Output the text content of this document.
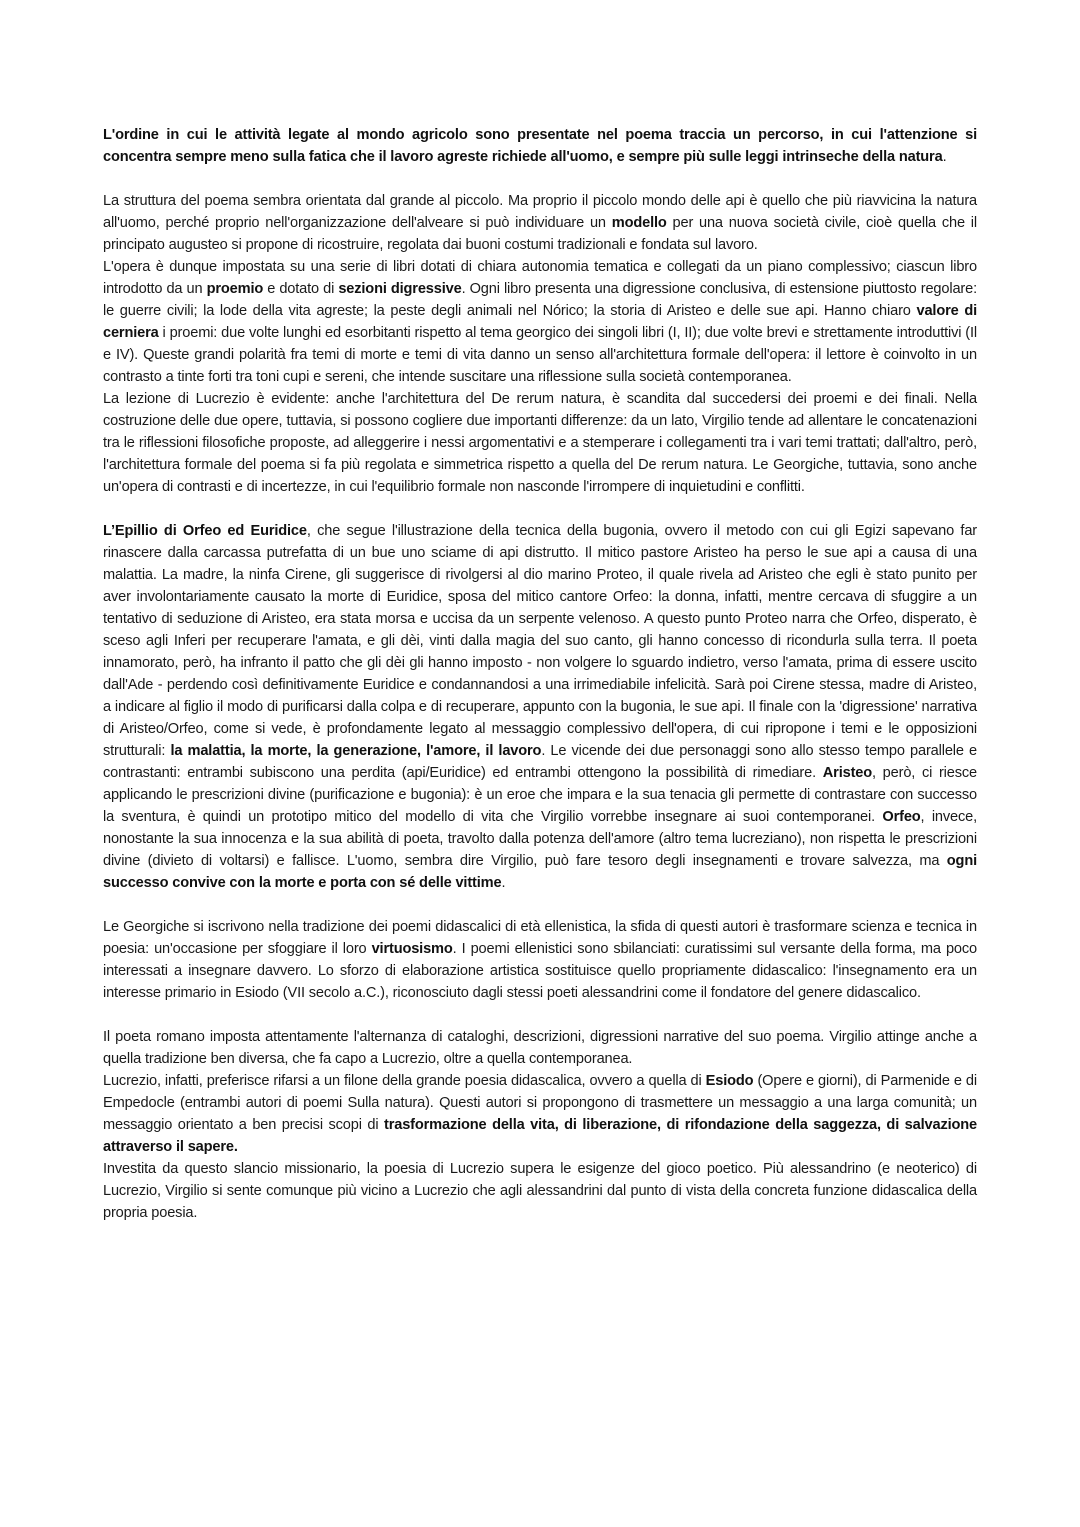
L'ordine in cui le attività legate al mondo agricolo sono presentate nel poema traccia un percorso, in cui l'attenzione si concentra sempre meno sulla fatica che il lavoro agreste richiede all'uomo, e sempre più sulle leggi intrinseche della natura.

La struttura del poema sembra orientata dal grande al piccolo. Ma proprio il piccolo mondo delle api è quello che più riavvicina la natura all'uomo, perché proprio nell'organizzazione dell'alveare si può individuare un modello per una nuova società civile, cioè quella che il principato augusteo si propone di ricostruire, regolata dai buoni costumi tradizionali e fondata sul lavoro.

L'opera è dunque impostata su una serie di libri dotati di chiara autonomia tematica e collegati da un piano complessivo; ciascun libro introdotto da un proemio e dotato di sezioni digressive. Ogni libro presenta una digressione conclusiva, di estensione piuttosto regolare: le guerre civili; la lode della vita agreste; la peste degli animali nel Nórico; la storia di Aristeo e delle sue api. Hanno chiaro valore di cerniera i proemi: due volte lunghi ed esorbitanti rispetto al tema georgico dei singoli libri (I, II); due volte brevi e strettamente introduttivi (Il e IV). Queste grandi polarità fra temi di morte e temi di vita danno un senso all'architettura formale dell'opera: il lettore è coinvolto in un contrasto a tinte forti tra toni cupi e sereni, che intende suscitare una riflessione sulla società contemporanea.

La lezione di Lucrezio è evidente: anche l'architettura del De rerum natura, è scandita dal succedersi dei proemi e dei finali. Nella costruzione delle due opere, tuttavia, si possono cogliere due importanti differenze: da un lato, Virgilio tende ad allentare le concatenazioni tra le riflessioni filosofiche proposte, ad alleggerire i nessi argomentativi e a stemperare i collegamenti tra i vari temi trattati; dall'altro, però, l'architettura formale del poema si fa più regolata e simmetrica rispetto a quella del De rerum natura. Le Georgiche, tuttavia, sono anche un'opera di contrasti e di incertezze, in cui l'equilibrio formale non nasconde l'irrompere di inquietudini e conflitti.

L’Epillio di Orfeo ed Euridice, che segue l'illustrazione della tecnica della bugonia, ovvero il metodo con cui gli Egizi sapevano far rinascere dalla carcassa putrefatta di un bue uno sciame di api distrutto. Il mitico pastore Aristeo ha perso le sue api a causa di una malattia. La madre, la ninfa Cirene, gli suggerisce di rivolgersi al dio marino Proteo, il quale rivela ad Aristeo che egli è stato punito per aver involontariamente causato la morte di Euridice, sposa del mitico cantore Orfeo: la donna, infatti, mentre cercava di sfuggire a un tentativo di seduzione di Aristeo, era stata morsa e uccisa da un serpente velenoso. A questo punto Proteo narra che Orfeo, disperato, è sceso agli Inferi per recuperare l'amata, e gli dèi, vinti dalla magia del suo canto, gli hanno concesso di ricondurla sulla terra. Il poeta innamorato, però, ha infranto il patto che gli dèi gli hanno imposto - non volgere lo sguardo indietro, verso l'amata, prima di essere uscito dall'Ade - perdendo così definitivamente Euridice e condannandosi a una irrimediabile infelicità. Sarà poi Cirene stessa, madre di Aristeo, a indicare al figlio il modo di purificarsi dalla colpa e di recuperare, appunto con la bugonia, le sue api. Il finale con la 'digressione' narrativa di Aristeo/Orfeo, come si vede, è profondamente legato al messaggio complessivo dell'opera, di cui ripropone i temi e le opposizioni strutturali: la malattia, la morte, la generazione, l'amore, il lavoro. Le vicende dei due personaggi sono allo stesso tempo parallele e contrastanti: entrambi subiscono una perdita (api/Euridice) ed entrambi ottengono la possibilità di rimediare. Aristeo, però, ci riesce applicando le prescrizioni divine (purificazione e bugonia): è un eroe che impara e la sua tenacia gli permette di contrastare con successo la sventura, è quindi un prototipo mitico del modello di vita che Virgilio vorrebbe insegnare ai suoi contemporanei. Orfeo, invece, nonostante la sua innocenza e la sua abilità di poeta, travolto dalla potenza dell'amore (altro tema lucreziano), non rispetta le prescrizioni divine (divieto di voltarsi) e fallisce. L'uomo, sembra dire Virgilio, può fare tesoro degli insegnamenti e trovare salvezza, ma ogni successo convive con la morte e porta con sé delle vittime.

Le Georgiche si iscrivono nella tradizione dei poemi didascalici di età ellenistica, la sfida di questi autori è trasformare scienza e tecnica in poesia: un'occasione per sfoggiare il loro virtuosismo. I poemi ellenistici sono sbilanciati: curatissimi sul versante della forma, ma poco interessati a insegnare davvero. Lo sforzo di elaborazione artistica sostituisce quello propriamente didascalico: l'insegnamento era un interesse primario in Esiodo (VII secolo a.C.), riconosciuto dagli stessi poeti alessandrini come il fondatore del genere didascalico.

Il poeta romano imposta attentamente l'alternanza di cataloghi, descrizioni, digressioni narrative del suo poema. Virgilio attinge anche a quella tradizione ben diversa, che fa capo a Lucrezio, oltre a quella contemporanea.

Lucrezio, infatti, preferisce rifarsi a un filone della grande poesia didascalica, ovvero a quella di Esiodo (Opere e giorni), di Parmenide e di Empedocle (entrambi autori di poemi Sulla natura). Questi autori si propongono di trasmettere un messaggio a una larga comunità; un messaggio orientato a ben precisi scopi di trasformazione della vita, di liberazione, di rifondazione della saggezza, di salvazione attraverso il sapere.

Investita da questo slancio missionario, la poesia di Lucrezio supera le esigenze del gioco poetico. Più alessandrino (e neoterico) di Lucrezio, Virgilio si sente comunque più vicino a Lucrezio che agli alessandrini dal punto di vista della concreta funzione didascalica della propria poesia.
